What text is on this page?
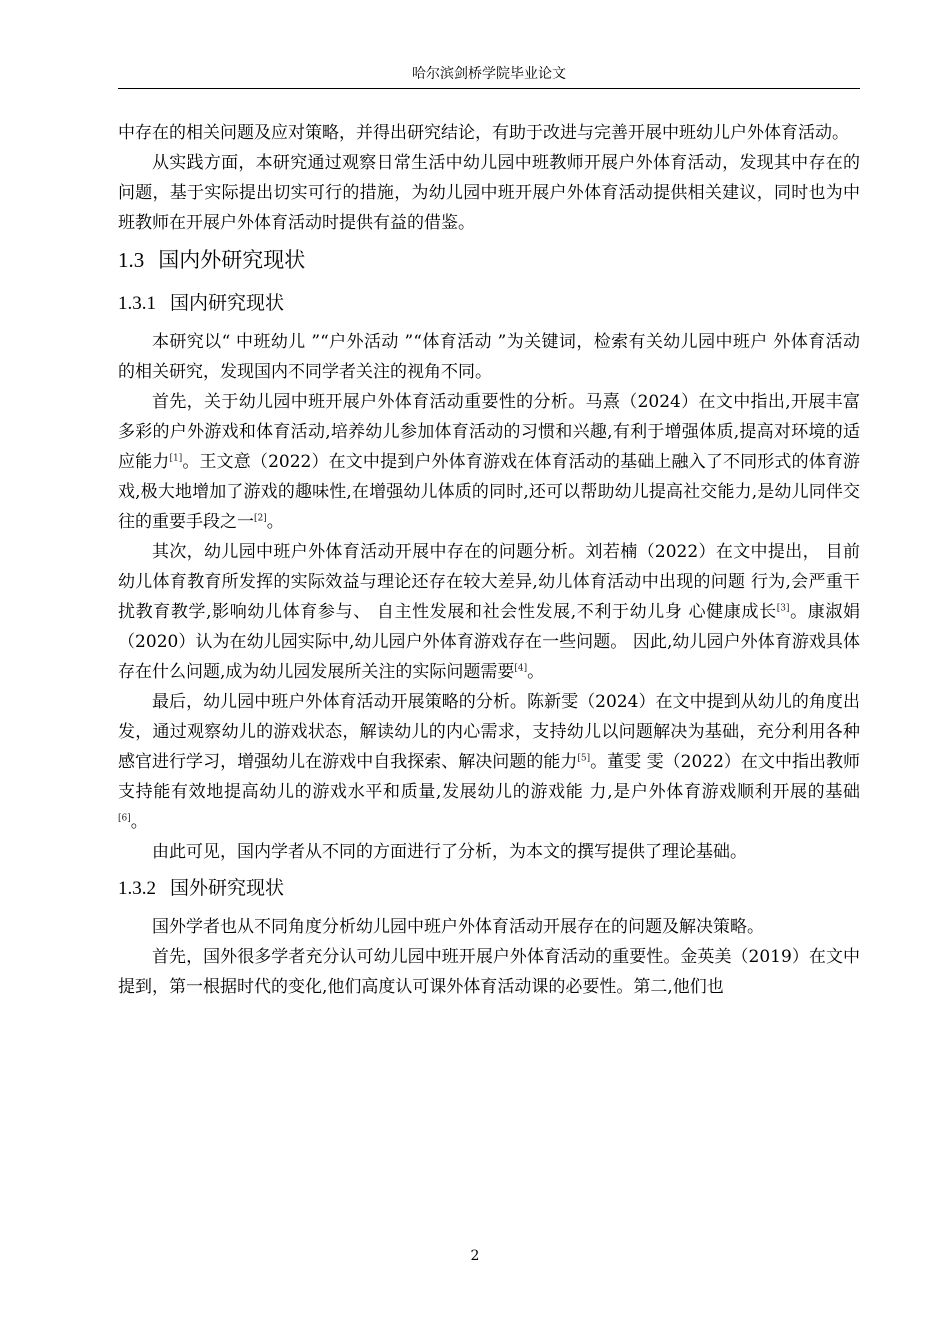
哈尔滨剑桥学院毕业论文

中存在的相关问题及应对策略，并得出研究结论，有助于改进与完善开展中班幼儿户外体育活动。

从实践方面，本研究通过观察日常生活中幼儿园中班教师开展户外体育活动，发现其中存在的问题，基于实际提出切实可行的措施，为幼儿园中班开展户外体育活动提供相关建议，同时也为中班教师在开展户外体育活动时提供有益的借鉴。

1.3 国内外研究现状
1.3.1 国内研究现状

本研究以“ 中班幼儿 ”“户外活动 ”“体育活动 ”为关键词，检索有关幼儿园中班户 外体育活动的相关研究，发现国内不同学者关注的视角不同。

首先，关于幼儿园中班开展户外体育活动重要性的分析。马熹（2024）在文中指出,开展丰富多彩的户外游戏和体育活动,培养幼儿参加体育活动的习惯和兴趣,有利于增强体质,提高对环境的适应能力[1]。王文意（2022）在文中提到户外体育游戏在体育活动的基础上融入了不同形式的体育游戏,极大地增加了游戏的趣味性,在增强幼儿体质的同时,还可以帮助幼儿提高社交能力,是幼儿同伴交往的重要手段之一[2]。

其次，幼儿园中班户外体育活动开展中存在的问题分析。刘若楠（2022）在文中提出， 目前幼儿体育教育所发挥的实际效益与理论还存在较大差异,幼儿体育活动中出现的问题 行为,会严重干扰教育教学,影响幼儿体育参与、 自主性发展和社会性发展,不利于幼儿身 心健康成长[3]。康淑娟（2020）认为在幼儿园实际中,幼儿园户外体育游戏存在一些问题。 因此,幼儿园户外体育游戏具体存在什么问题,成为幼儿园发展所关注的实际问题需要[4]。

最后，幼儿园中班户外体育活动开展策略的分析。陈新雯（2024）在文中提到从幼儿的角度出发，通过观察幼儿的游戏状态，解读幼儿的内心需求，支持幼儿以问题解决为基础，充分利用各种感官进行学习，增强幼儿在游戏中自我探索、解决问题的能力[5]。董雯 雯（2022）在文中指出教师支持能有效地提高幼儿的游戏水平和质量,发展幼儿的游戏能 力,是户外体育游戏顺利开展的基础[6]。

由此可见，国内学者从不同的方面进行了分析，为本文的撰写提供了理论基础。

1.3.2 国外研究现状

国外学者也从不同角度分析幼儿园中班户外体育活动开展存在的问题及解决策略。

首先，国外很多学者充分认可幼儿园中班开展户外体育活动的重要性。金英美（2019）在文中提到，第一根据时代的变化,他们高度认可课外体育活动课的必要性。第二,他们也

2
